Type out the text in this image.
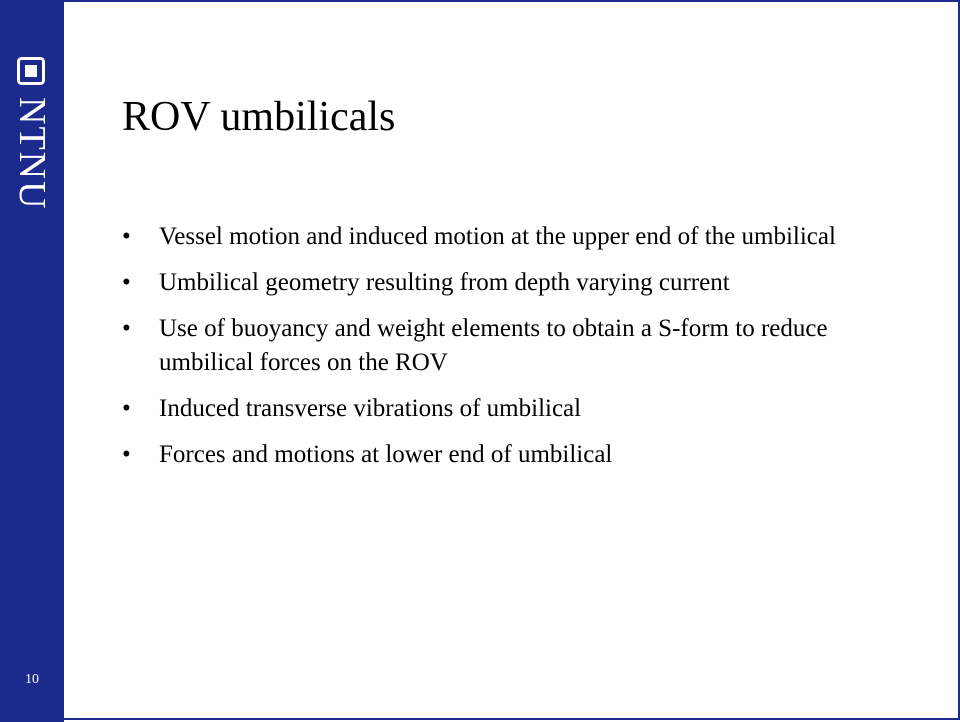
NTNU
10
ROV umbilicals
• Vessel motion and induced motion at the upper end of the umbilical
• Umbilical geometry resulting from depth varying current
• Use of buoyancy and weight elements to obtain a S-form to reduce umbilical forces on the ROV
• Induced transverse vibrations of umbilical
• Forces and motions at lower end of umbilical
